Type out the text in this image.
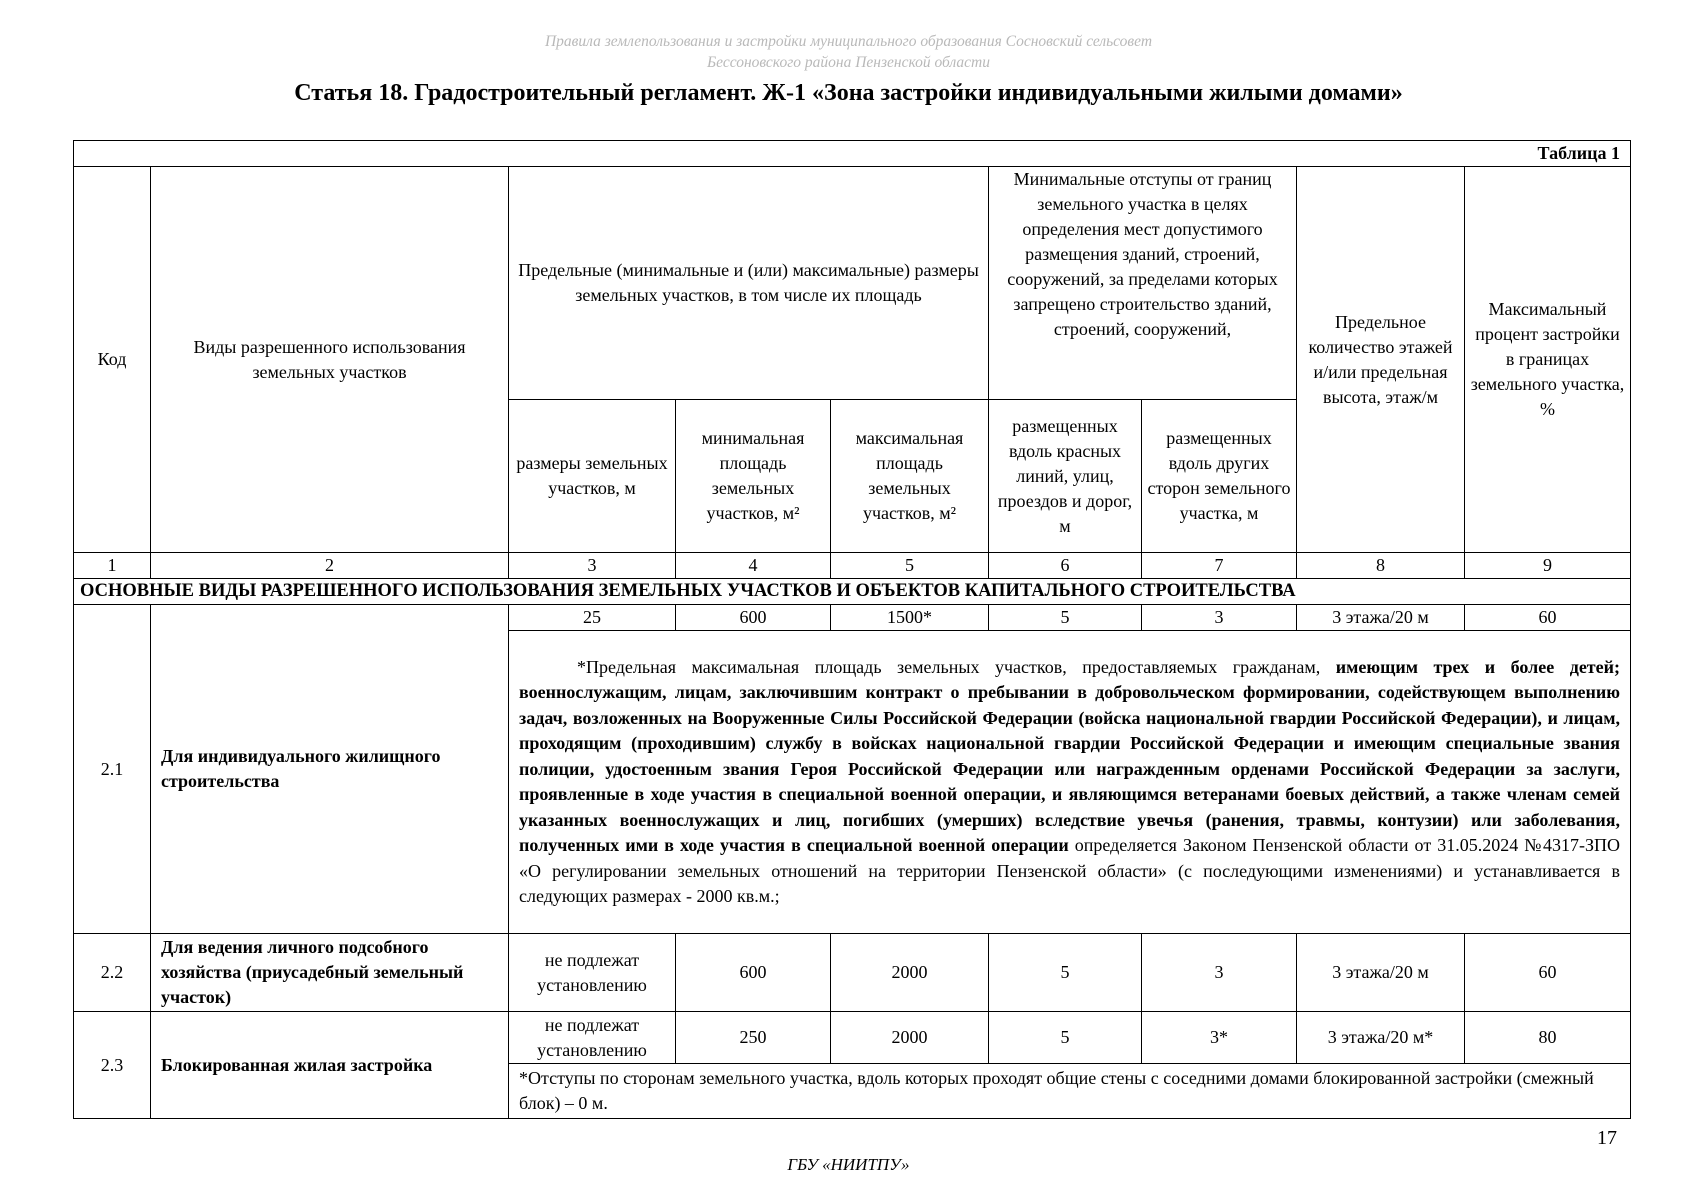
Правила землепользования и застройки муниципального образования Сосновский сельсовет
Бессоновского района Пензенской области
Статья 18. Градостроительный регламент. Ж-1 «Зона застройки индивидуальными жилыми домами»
Таблица 1								
Код	Виды разрешенного использования земельных участков	Предельные (минимальные и (или) максимальные) размеры земельных участков, в том числе их площадь			Минимальные отступы от границ земельного участка в целях определения мест допустимого размещения зданий, строений, сооружений, за пределами которых запрещено строительство зданий, строений, сооружений,		Предельное количество этажей и/или предельная высота, этаж/м	Максимальный процент застройки в границах земельного участка, %
		размеры земельных участков, м	минимальная площадь земельных участков, м²	максимальная площадь земельных участков, м²	размещенных вдоль красных линий, улиц, проездов и дорог, м	размещенных вдоль других сторон земельного участка, м		
1	2	3	4	5	6	7	8	9
ОСНОВНЫЕ ВИДЫ РАЗРЕШЕННОГО ИСПОЛЬЗОВАНИЯ ЗЕМЕЛЬНЫХ УЧАСТКОВ И ОБЪЕКТОВ КАПИТАЛЬНОГО СТРОИТЕЛЬСТВА								
2.1	Для индивидуального жилищного строительства	25	600	1500*	5	3	3 этажа/20 м	60
		*Предельная максимальная площадь земельных участков, предоставляемых гражданам, имеющим трех и более детей; военнослужащим, лицам, заключившим контракт о пребывании в добровольческом формировании, содействующем выполнению задач, возложенных на Вооруженные Силы Российской Федерации (войска национальной гвардии Российской Федерации), и лицам, проходящим (проходившим) службу в войсках национальной гвардии Российской Федерации и имеющим специальные звания полиции, удостоенным звания Героя Российской Федерации или награжденным орденами Российской Федерации за заслуги, проявленные в ходе участия в специальной военной операции, и являющимся ветеранами боевых действий, а также членам семей указанных военнослужащих и лиц, погибших (умерших) вследствие увечья (ранения, травмы, контузии) или заболевания, полученных ими в ходе участия в специальной военной операции определяется Законом Пензенской области от 31.05.2024 №4317-ЗПО «О регулировании земельных отношений на территории Пензенской области» (с последующими изменениями) и устанавливается в следующих размерах - 2000 кв.м.;						
2.2	Для ведения личного подсобного хозяйства (приусадебный земельный участок)	не подлежат установлению	600	2000	5	3	3 этажа/20 м	60
2.3	Блокированная жилая застройка	не подлежат установлению	250	2000	5	3*	3 этажа/20 м*	80
		*Отступы по сторонам земельного участка, вдоль которых проходят общие стены с соседними домами блокированной застройки (смежный блок) – 0 м.						
17
ГБУ «НИИТПУ»
